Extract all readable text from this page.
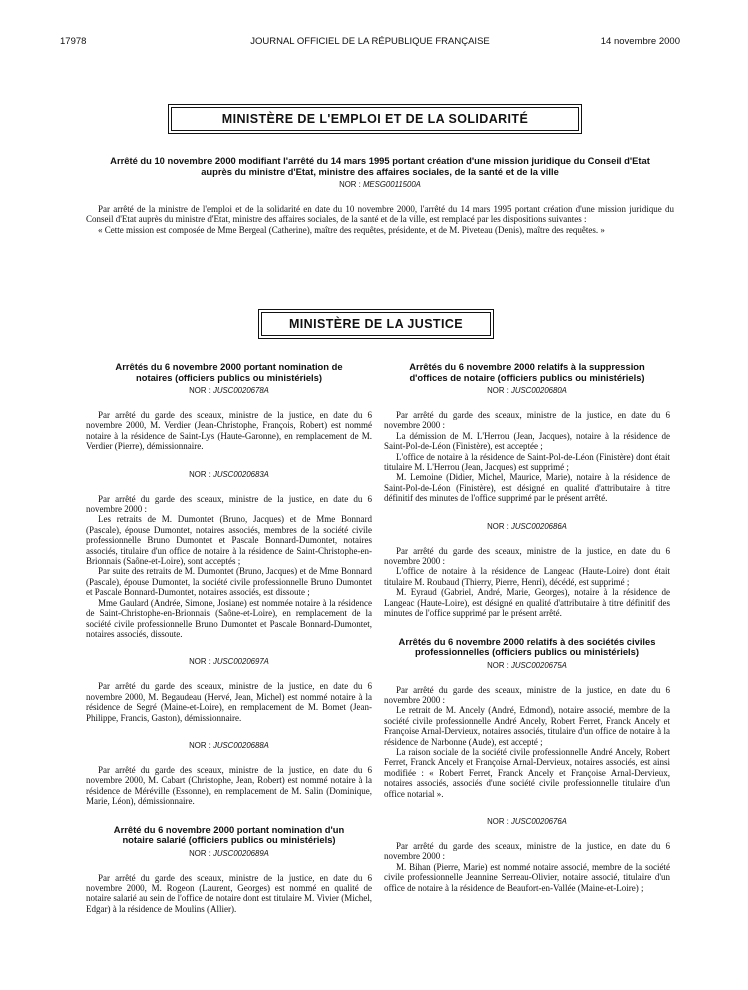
17978	JOURNAL OFFICIEL DE LA RÉPUBLIQUE FRANÇAISE	14 novembre 2000
MINISTÈRE DE L'EMPLOI ET DE LA SOLIDARITÉ
Arrêté du 10 novembre 2000 modifiant l'arrêté du 14 mars 1995 portant création d'une mission juridique du Conseil d'Etat auprès du ministre d'Etat, ministre des affaires sociales, de la santé et de la ville
NOR : MESG0011500A

Par arrêté de la ministre de l'emploi et de la solidarité en date du 10 novembre 2000, l'arrêté du 14 mars 1995 portant création d'une mission juridique du Conseil d'Etat auprès du ministre d'Etat, ministre des affaires sociales, de la santé et de la ville, est remplacé par les dispositions suivantes :

« Cette mission est composée de Mme Bergeal (Catherine), maître des requêtes, présidente, et de M. Piveteau (Denis), maître des requêtes. »

MINISTÈRE DE LA JUSTICE
Arrêtés du 6 novembre 2000 portant nomination de notaires (officiers publics ou ministériels)
NOR : JUSC0020678A

Par arrêté du garde des sceaux, ministre de la justice, en date du 6 novembre 2000, M. Verdier (Jean-Christophe, François, Robert) est nommé notaire à la résidence de Saint-Lys (Haute-Garonne), en remplacement de M. Verdier (Pierre), démissionnaire.

NOR : JUSC0020683A

Par arrêté du garde des sceaux, ministre de la justice, en date du 6 novembre 2000 :

Les retraits de M. Dumontet (Bruno, Jacques) et de Mme Bonnard (Pascale), épouse Dumontet, notaires associés, membres de la société civile professionnelle Bruno Dumontet et Pascale Bonnard-Dumontet, notaires associés, titulaire d'un office de notaire à la résidence de Saint-Christophe-en-Brionnais (Saône-et-Loire), sont acceptés ;

Par suite des retraits de M. Dumontet (Bruno, Jacques) et de Mme Bonnard (Pascale), épouse Dumontet, la société civile professionnelle Bruno Dumontet et Pascale Bonnard-Dumontet, notaires associés, est dissoute ;

Mme Gaulard (Andrée, Simone, Josiane) est nommée notaire à la résidence de Saint-Christophe-en-Brionnais (Saône-et-Loire), en remplacement de la société civile professionnelle Bruno Dumontet et Pascale Bonnard-Dumontet, notaires associés, dissoute.

NOR : JUSC0020697A

Par arrêté du garde des sceaux, ministre de la justice, en date du 6 novembre 2000, M. Begaudeau (Hervé, Jean, Michel) est nommé notaire à la résidence de Segré (Maine-et-Loire), en remplacement de M. Bomet (Jean-Philippe, Francis, Gaston), démissionnaire.

NOR : JUSC0020688A

Par arrêté du garde des sceaux, ministre de la justice, en date du 6 novembre 2000, M. Cabart (Christophe, Jean, Robert) est nommé notaire à la résidence de Méréville (Essonne), en remplacement de M. Salin (Dominique, Marie, Léon), démissionnaire.

Arrêté du 6 novembre 2000 portant nomination d'un notaire salarié (officiers publics ou ministériels)
NOR : JUSC0020689A

Par arrêté du garde des sceaux, ministre de la justice, en date du 6 novembre 2000, M. Rogeon (Laurent, Georges) est nommé en qualité de notaire salarié au sein de l'office de notaire dont est titulaire M. Vivier (Michel, Edgar) à la résidence de Moulins (Allier).

Arrêtés du 6 novembre 2000 relatifs à la suppression d'offices de notaire (officiers publics ou ministériels)
NOR : JUSC0020680A

Par arrêté du garde des sceaux, ministre de la justice, en date du 6 novembre 2000 :

La démission de M. L'Herrou (Jean, Jacques), notaire à la résidence de Saint-Pol-de-Léon (Finistère), est acceptée ;

L'office de notaire à la résidence de Saint-Pol-de-Léon (Finistère) dont était titulaire M. L'Herrou (Jean, Jacques) est supprimé ;

M. Lemoine (Didier, Michel, Maurice, Marie), notaire à la résidence de Saint-Pol-de-Léon (Finistère), est désigné en qualité d'attributaire à titre définitif des minutes de l'office supprimé par le présent arrêté.

NOR : JUSC0020686A

Par arrêté du garde des sceaux, ministre de la justice, en date du 6 novembre 2000 :

L'office de notaire à la résidence de Langeac (Haute-Loire) dont était titulaire M. Roubaud (Thierry, Pierre, Henri), décédé, est supprimé ;

M. Eyraud (Gabriel, André, Marie, Georges), notaire à la résidence de Langeac (Haute-Loire), est désigné en qualité d'attributaire à titre définitif des minutes de l'office supprimé par le présent arrêté.

Arrêtés du 6 novembre 2000 relatifs à des sociétés civiles professionnelles (officiers publics ou ministériels)
NOR : JUSC0020675A

Par arrêté du garde des sceaux, ministre de la justice, en date du 6 novembre 2000 :

Le retrait de M. Ancely (André, Edmond), notaire associé, membre de la société civile professionnelle André Ancely, Robert Ferret, Franck Ancely et Françoise Arnal-Dervieux, notaires associés, titulaire d'un office de notaire à la résidence de Narbonne (Aude), est accepté ;

La raison sociale de la société civile professionnelle André Ancely, Robert Ferret, Franck Ancely et Françoise Arnal-Dervieux, notaires associés, est ainsi modifiée : « Robert Ferret, Franck Ancely et Françoise Arnal-Dervieux, notaires associés, associés d'une société civile professionnelle titulaire d'un office notarial ».

NOR : JUSC0020676A

Par arrêté du garde des sceaux, ministre de la justice, en date du 6 novembre 2000 :

M. Bihan (Pierre, Marie) est nommé notaire associé, membre de la société civile professionnelle Jeannine Serreau-Olivier, notaire associé, titulaire d'un office de notaire à la résidence de Beaufort-en-Vallée (Maine-et-Loire) ;
